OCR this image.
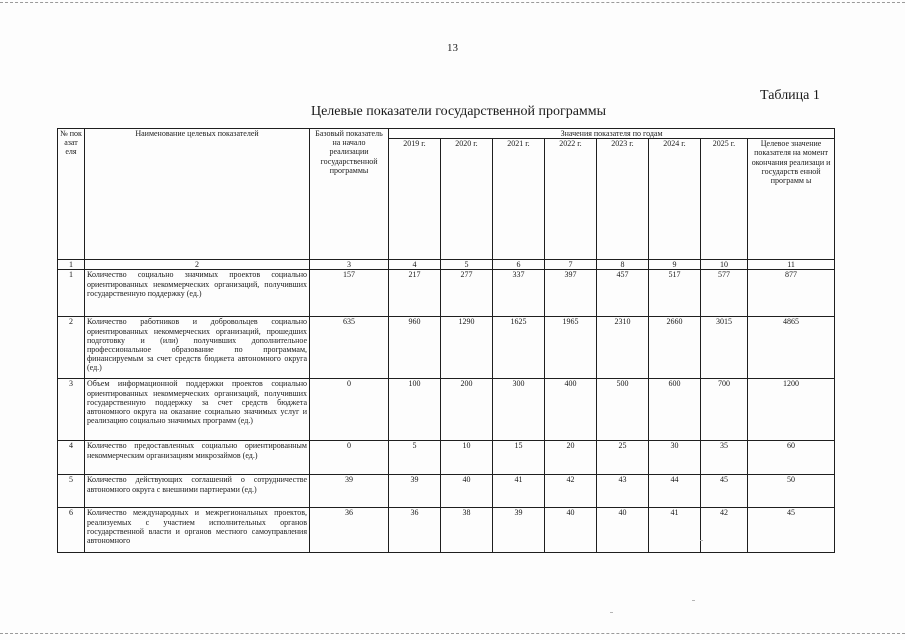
13
Таблица 1
Целевые показатели государственной программы
№ пок азат еля	Наименование целевых показателей	Базовый показатель на начало реализации государственной программы	Значения показателя по годам							
			2019 г.	2020 г.	2021 г.	2022 г.	2023 г.	2024 г.	2025 г.	Целевое значение показателя на момент окончания реализаци и государств енной программ ы
1	2	3	4	5	6	7	8	9	10	11
1	Количество социально значимых проектов социально ориентированных некоммерческих организаций, получивших государственную поддержку (ед.)	157	217	277	337	397	457	517	577	877
2	Количество работников и добровольцев социально ориентированных некоммерческих организаций, прошедших подготовку и (или) получивших дополнительное профессиональное образование по программам, финансируемым за счет средств бюджета автономного округа (ед.)	635	960	1290	1625	1965	2310	2660	3015	4865
3	Объем информационной поддержки проектов социально ориентированных некоммерческих организаций, получивших государственную поддержку за счет средств бюджета автономного округа на оказание социально значимых услуг и реализацию социально значимых программ (ед.)	0	100	200	300	400	500	600	700	1200
4	Количество предоставленных социально ориентированным некоммерческим организациям микрозаймов (ед.)	0	5	10	15	20	25	30	35	60
5	Количество действующих соглашений о сотрудничестве автономного округа с внешними партнерами (ед.)	39	39	40	41	42	43	44	45	50
6	Количество международных и межрегиональных проектов, реализуемых с участием исполнительных органов государственной власти и органов местного самоуправления автономного	36	36	38	39	40	40	41	42	45
